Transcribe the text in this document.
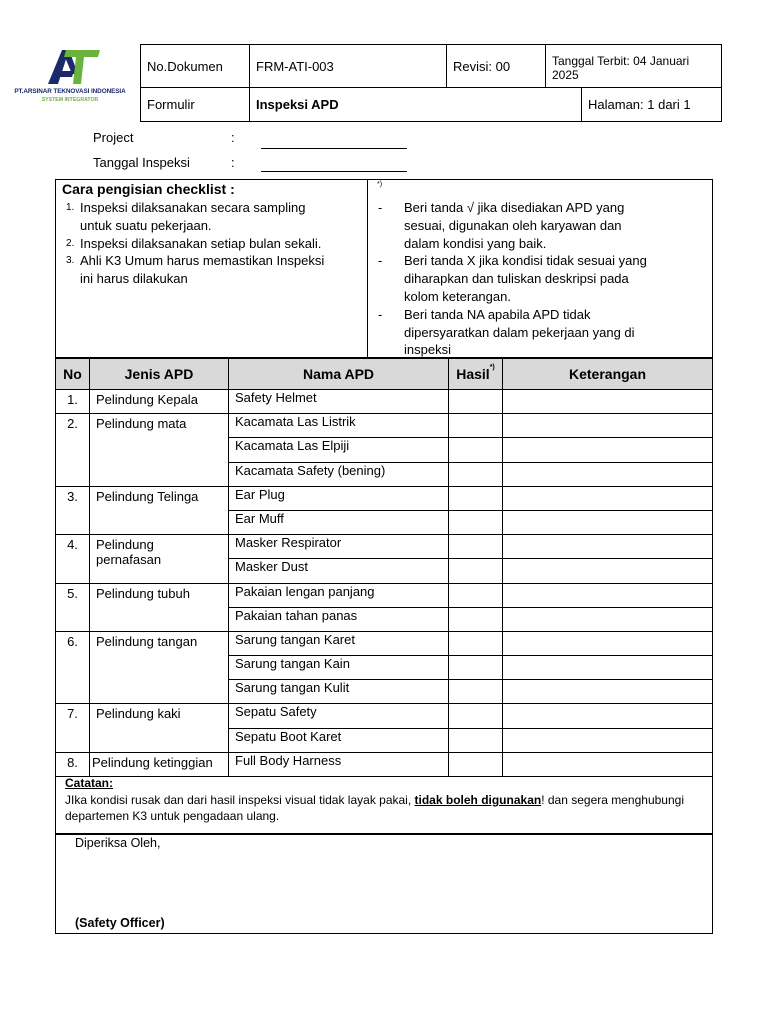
PT.ARSINAR TEKNOVASI INDONESIA
SYSTEM INTEGRATOR
No.Dokumen	FRM-ATI-003	Revisi: 00	Tanggal Terbit: 04 Januari 2025	
Formulir	Inspeksi APD			Halaman: 1 dari 1
Project	:
Tanggal Inspeksi	:
Cara pengisian checklist :
1. Inspeksi dilaksanakan secara sampling
untuk suatu pekerjaan.
2. Inspeksi dilaksanakan setiap bulan sekali.
3. Ahli K3 Umum harus memastikan Inspeksi
ini harus dilakukan
*)
-	Beri tanda √ jika disediakan APD yang
sesuai, digunakan oleh karyawan dan
dalam kondisi yang baik.
-	Beri tanda X jika kondisi tidak sesuai yang
diharapkan dan tuliskan deskripsi pada
kolom keterangan.
-	Beri tanda NA apabila APD tidak
dipersyaratkan dalam pekerjaan yang di
inspeksi
No	Jenis APD	Nama APD	Hasil*)	Keterangan
1.	Pelindung Kepala	Safety Helmet		
2.	Pelindung mata	Kacamata Las Listrik		
		Kacamata Las Elpiji		
		Kacamata Safety (bening)		
3.	Pelindung Telinga	Ear Plug		
		Ear Muff		
4.	Pelindung pernafasan	Masker Respirator		
		Masker Dust		
5.	Pelindung tubuh	Pakaian lengan panjang		
		Pakaian tahan panas		
6.	Pelindung tangan	Sarung tangan Karet		
		Sarung tangan Kain		
		Sarung tangan Kulit		
7.	Pelindung kaki	Sepatu Safety		
		Sepatu Boot Karet		
8.	Pelindung ketinggian	Full Body Harness		
Catatan:
JIka kondisi rusak dan dari hasil inspeksi visual tidak layak pakai, tidak boleh digunakan! dan segera menghubungi departemen K3 untuk pengadaan ulang.
Diperiksa Oleh,
(Safety Officer)
